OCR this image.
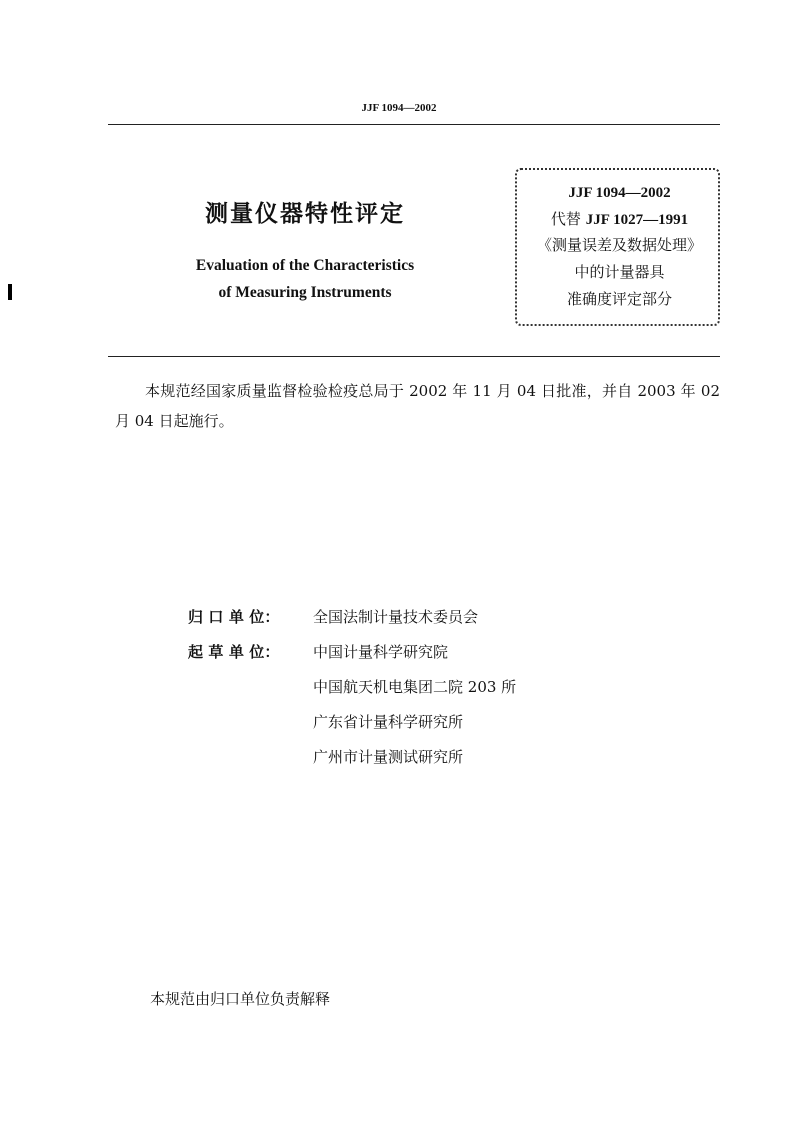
JJF 1094—2002
测量仪器特性评定
Evaluation of the Characteristics
of Measuring Instruments
JJF 1094—2002
代替 JJF 1027—1991
《测量误差及数据处理》
中的计量器具
准确度评定部分
本规范经国家质量监督检验检疫总局于 2002 年 11 月 04 日批准，并自 2003 年 02 月 04 日起施行。
归 口 单 位： 全国法制计量技术委员会
起 草 单 位： 中国计量科学研究院
中国航天机电集团二院 203 所
广东省计量科学研究所
广州市计量测试研究所
本规范由归口单位负责解释
